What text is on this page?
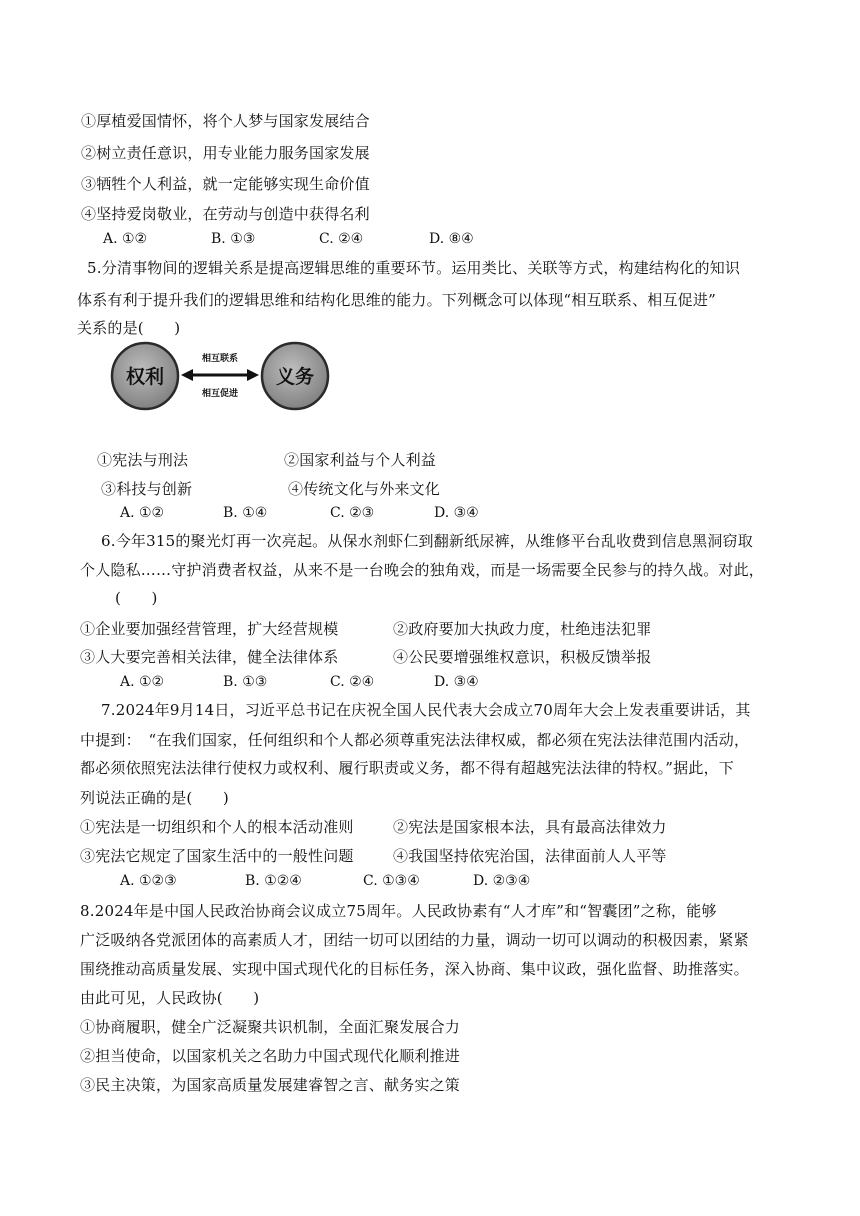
①厚植爱国情怀，将个人梦与国家发展结合
②树立责任意识，用专业能力服务国家发展
③牺牲个人利益，就一定能够实现生命价值
④坚持爱岗敬业，在劳动与创造中获得名利
A. ①②	B. ①③	C. ②④	D. ⑧④
5.分清事物间的逻辑关系是提高逻辑思维的重要环节。运用类比、关联等方式，构建结构化的知识
体系有利于提升我们的逻辑思维和结构化思维的能力。下列概念可以体现“相互联系、相互促进”
关系的是(　　)
权利	义务
相互联系
相互促进
①宪法与刑法	②国家利益与个人利益
③科技与创新	④传统文化与外来文化
A. ①②	B. ①④	C. ②③	D. ③④
6.今年315的聚光灯再一次亮起。从保水剂虾仁到翻新纸尿裤，从维修平台乱收费到信息黑洞窃取
个人隐私……守护消费者权益，从来不是一台晚会的独角戏，而是一场需要全民参与的持久战。对此，
(　　)
①企业要加强经营管理，扩大经营规模	②政府要加大执政力度，杜绝违法犯罪
③人大要完善相关法律，健全法律体系	④公民要增强维权意识，积极反馈举报
A. ①②	B. ①③	C. ②④	D. ③④
7.2024年9月14日，习近平总书记在庆祝全国人民代表大会成立70周年大会上发表重要讲话，其
中提到：　“在我们国家，任何组织和个人都必须尊重宪法法律权威，都必须在宪法法律范围内活动，
都必须依照宪法法律行使权力或权利、履行职责或义务，都不得有超越宪法法律的特权。”据此，下
列说法正确的是(　　)
①宪法是一切组织和个人的根本活动准则	②宪法是国家根本法，具有最高法律效力
③宪法它规定了国家生活中的一般性问题	④我国坚持依宪治国，法律面前人人平等
A. ①②③	B. ①②④	C. ①③④	D. ②③④
8.2024年是中国人民政治协商会议成立75周年。人民政协素有“人才库”和“智囊团”之称，能够
广泛吸纳各党派团体的高素质人才，团结一切可以团结的力量，调动一切可以调动的积极因素，紧紧
围绕推动高质量发展、实现中国式现代化的目标任务，深入协商、集中议政，强化监督、助推落实。
由此可见，人民政协(　　)
①协商履职，健全广泛凝聚共识机制，全面汇聚发展合力
②担当使命，以国家机关之名助力中国式现代化顺利推进
③民主决策，为国家高质量发展建睿智之言、献务实之策
